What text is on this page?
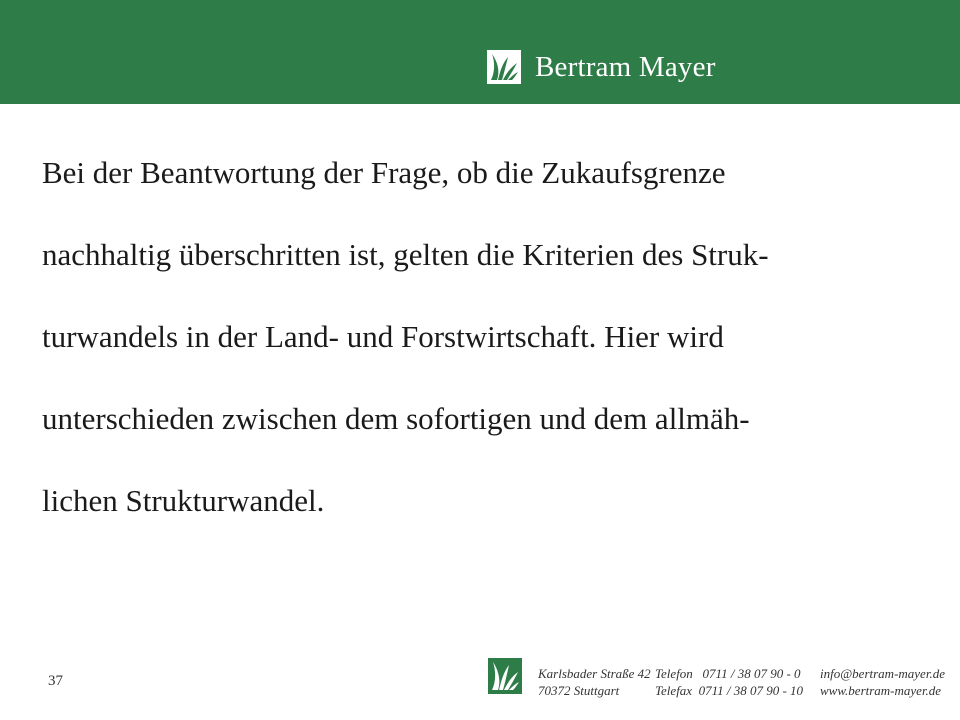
Bertram Mayer

Bei der Beantwortung der Frage, ob die Zukaufsgrenze
nachhaltig überschritten ist, gelten die Kriterien des Struk-
turwandels in der Land- und Forstwirtschaft. Hier wird
unterschieden zwischen dem sofortigen und dem allmäh-
lichen Strukturwandel.

37	Karlsbader Straße 42
70372 Stuttgart
Telefon   0711 / 38 07 90 - 0
Telefax  0711 / 38 07 90 - 10
info@bertram-mayer.de
www.bertram-mayer.de
